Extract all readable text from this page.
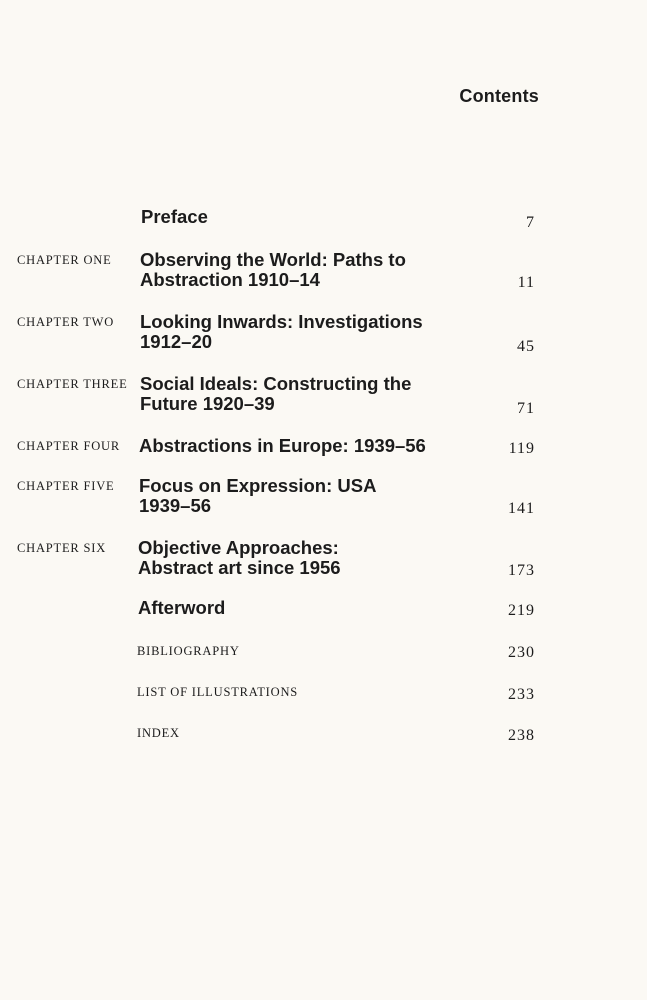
Contents
Preface	7
CHAPTER ONE Observing the World: Paths to Abstraction 1910–14	11
CHAPTER TWO Looking Inwards: Investigations 1912–20	45
CHAPTER THREE Social Ideals: Constructing the Future 1920–39	71
CHAPTER FOUR Abstractions in Europe: 1939–56	119
CHAPTER FIVE Focus on Expression: USA 1939–56	141
CHAPTER SIX Objective Approaches: Abstract art since 1956	173
Afterword	219
BIBLIOGRAPHY	230
LIST OF ILLUSTRATIONS	233
INDEX	238
